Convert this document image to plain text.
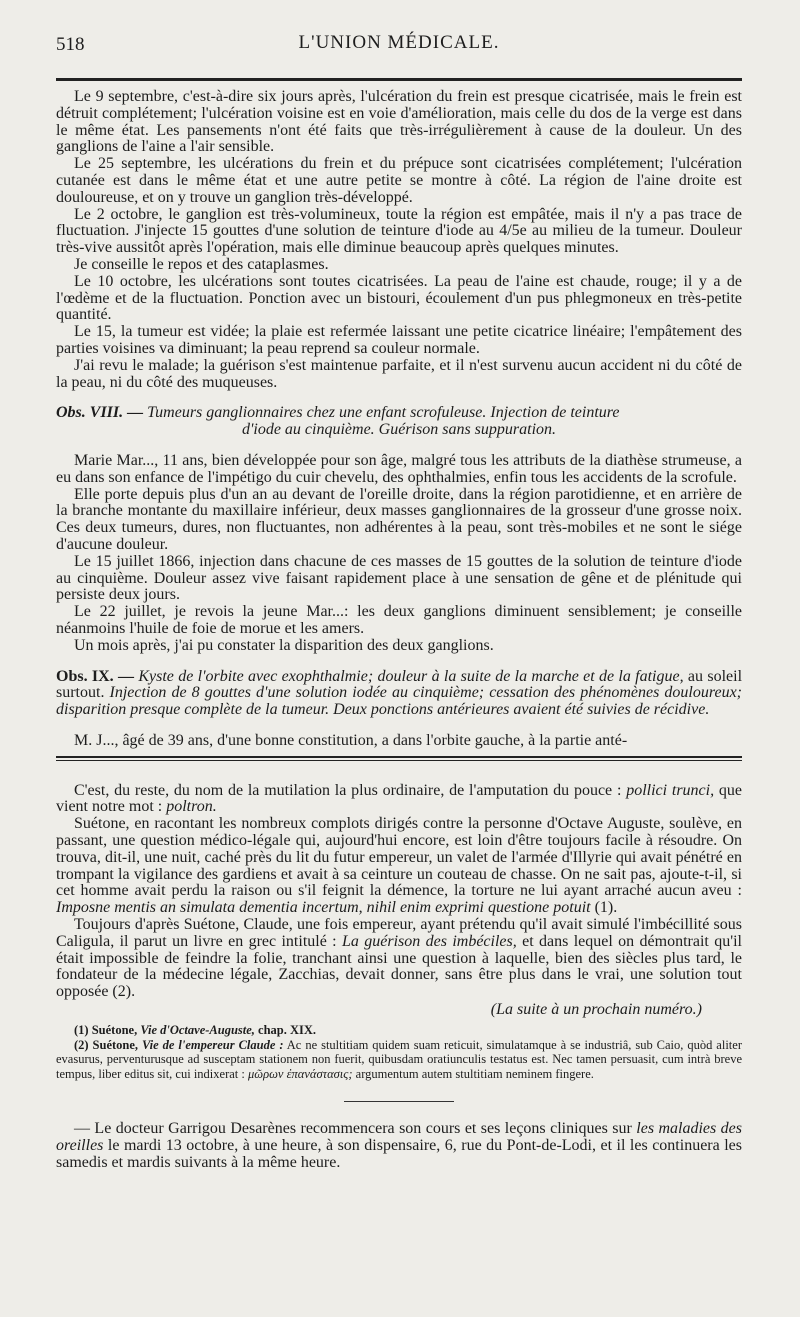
518	L'UNION MÉDICALE.

Le 9 septembre, c'est-à-dire six jours après, l'ulcération du frein est presque cicatrisée, mais le frein est détruit complétement; l'ulcération voisine est en voie d'amélioration, mais celle du dos de la verge est dans le même état. Les pansements n'ont été faits que très-irrégulièrement à cause de la douleur. Un des ganglions de l'aine a l'air sensible.

Le 25 septembre, les ulcérations du frein et du prépuce sont cicatrisées complétement; l'ulcération cutanée est dans le même état et une autre petite se montre à côté. La région de l'aine droite est douloureuse, et on y trouve un ganglion très-développé.

Le 2 octobre, le ganglion est très-volumineux, toute la région est empâtée, mais il n'y a pas trace de fluctuation. J'injecte 15 gouttes d'une solution de teinture d'iode au 4/5e au milieu de la tumeur. Douleur très-vive aussitôt après l'opération, mais elle diminue beaucoup après quelques minutes.

Je conseille le repos et des cataplasmes.

Le 10 octobre, les ulcérations sont toutes cicatrisées. La peau de l'aine est chaude, rouge; il y a de l'œdème et de la fluctuation. Ponction avec un bistouri, écoulement d'un pus phlegmoneux en très-petite quantité.

Le 15, la tumeur est vidée; la plaie est refermée laissant une petite cicatrice linéaire; l'empâtement des parties voisines va diminuant; la peau reprend sa couleur normale.

J'ai revu le malade; la guérison s'est maintenue parfaite, et il n'est survenu aucun accident ni du côté de la peau, ni du côté des muqueuses.

Obs. VIII. — Tumeurs ganglionnaires chez une enfant scrofuleuse. Injection de teinture
d'iode au cinquième. Guérison sans suppuration.

Marie Mar..., 11 ans, bien développée pour son âge, malgré tous les attributs de la diathèse strumeuse, a eu dans son enfance de l'impétigo du cuir chevelu, des ophthalmies, enfin tous les accidents de la scrofule.

Elle porte depuis plus d'un an au devant de l'oreille droite, dans la région parotidienne, et en arrière de la branche montante du maxillaire inférieur, deux masses ganglionnaires de la grosseur d'une grosse noix. Ces deux tumeurs, dures, non fluctuantes, non adhérentes à la peau, sont très-mobiles et ne sont le siége d'aucune douleur.

Le 15 juillet 1866, injection dans chacune de ces masses de 15 gouttes de la solution de teinture d'iode au cinquième. Douleur assez vive faisant rapidement place à une sensation de gêne et de plénitude qui persiste deux jours.

Le 22 juillet, je revois la jeune Mar...: les deux ganglions diminuent sensiblement; je conseille néanmoins l'huile de foie de morue et les amers.

Un mois après, j'ai pu constater la disparition des deux ganglions.

Obs. IX. — Kyste de l'orbite avec exophthalmie; douleur à la suite de la marche et de la fatigue, au soleil surtout. Injection de 8 gouttes d'une solution iodée au cinquième; cessation des phénomènes douloureux; disparition presque complète de la tumeur. Deux ponctions antérieures avaient été suivies de récidive.

M. J..., âgé de 39 ans, d'une bonne constitution, a dans l'orbite gauche, à la partie anté-

C'est, du reste, du nom de la mutilation la plus ordinaire, de l'amputation du pouce : pollici trunci, que vient notre mot : poltron.

Suétone, en racontant les nombreux complots dirigés contre la personne d'Octave Auguste, soulève, en passant, une question médico-légale qui, aujourd'hui encore, est loin d'être toujours facile à résoudre. On trouva, dit-il, une nuit, caché près du lit du futur empereur, un valet de l'armée d'Illyrie qui avait pénétré en trompant la vigilance des gardiens et avait à sa ceinture un couteau de chasse. On ne sait pas, ajoute-t-il, si cet homme avait perdu la raison ou s'il feignit la démence, la torture ne lui ayant arraché aucun aveu : Imposne mentis an simulata dementia incertum, nihil enim exprimi questione potuit (1).

Toujours d'après Suétone, Claude, une fois empereur, ayant prétendu qu'il avait simulé l'imbécillité sous Caligula, il parut un livre en grec intitulé : La guérison des imbéciles, et dans lequel on démontrait qu'il était impossible de feindre la folie, tranchant ainsi une question à laquelle, bien des siècles plus tard, le fondateur de la médecine légale, Zacchias, devait donner, sans être plus dans le vrai, une solution tout opposée (2).

(La suite à un prochain numéro.)

(1) Suétone, Vie d'Octave-Auguste, chap. XIX.

(2) Suétone, Vie de l'empereur Claude : Ac ne stultitiam quidem suam reticuit, simulatamque à se industriâ, sub Caio, quòd aliter evasurus, perventurusque ad susceptam stationem non fuerit, quibusdam oratiunculis testatus est. Nec tamen persuasit, cum intrà breve tempus, liber editus sit, cui indixerat : μῶρων ἐπανάστασις; argumentum autem stultitiam neminem fingere.

— Le docteur Garrigou Desarènes recommencera son cours et ses leçons cliniques sur les maladies des oreilles le mardi 13 octobre, à une heure, à son dispensaire, 6, rue du Pont-de-Lodi, et il les continuera les samedis et mardis suivants à la même heure.
